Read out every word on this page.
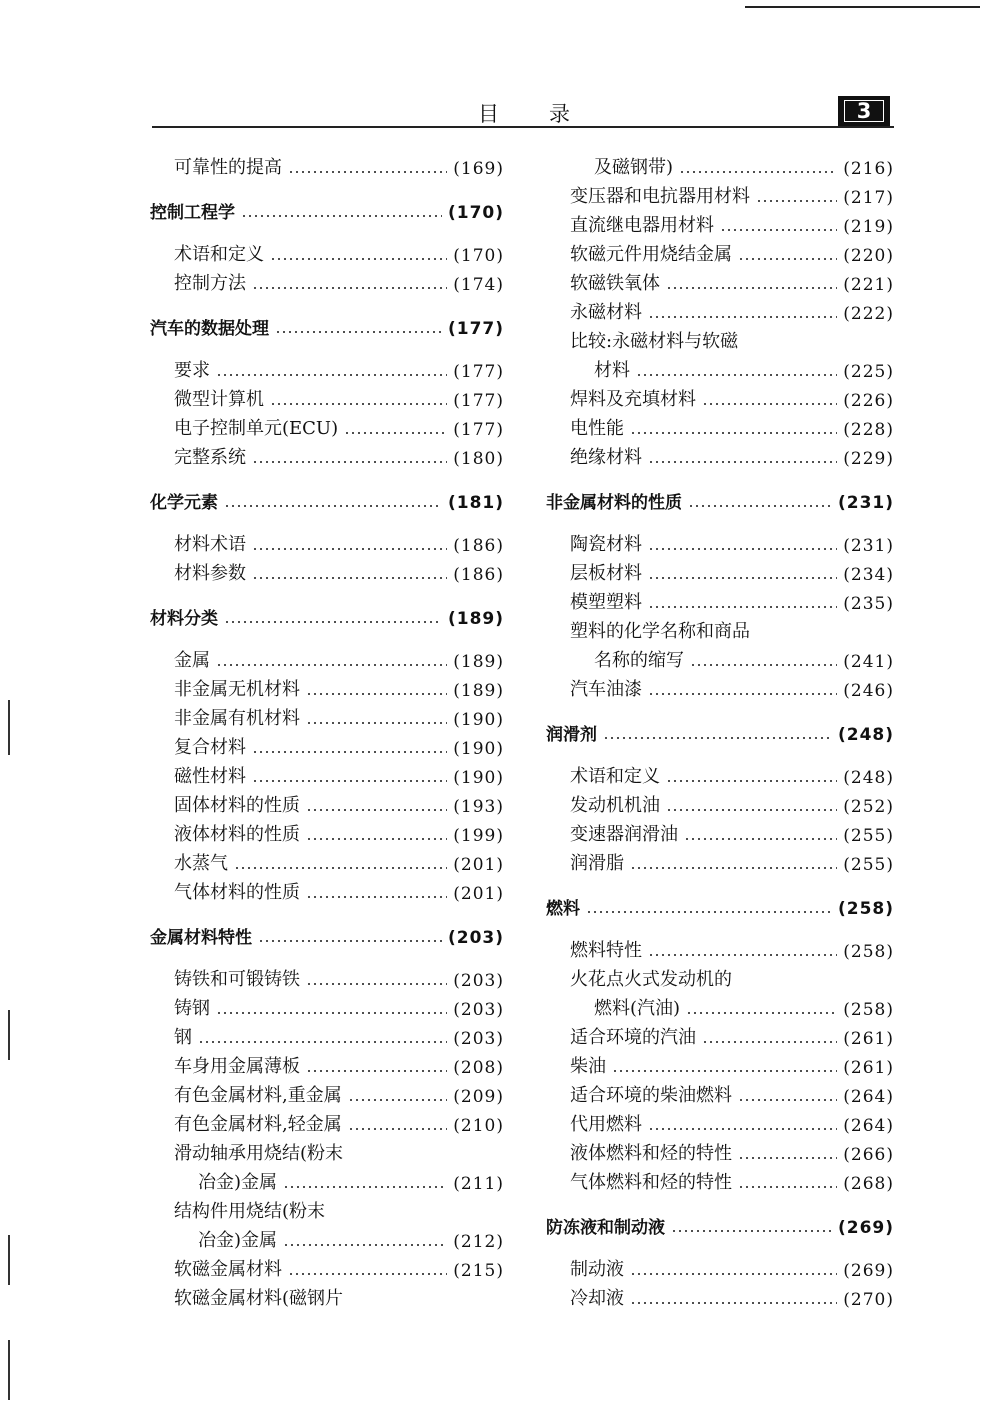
目录	3
可靠性的提高	(169)
控制工程学	(170)
术语和定义	(170)
控制方法	(174)
汽车的数据处理	(177)
要求	(177)
微型计算机	(177)
电子控制单元(ECU)	(177)
完整系统	(180)
化学元素	(181)
材料术语	(186)
材料参数	(186)
材料分类	(189)
金属	(189)
非金属无机材料	(189)
非金属有机材料	(190)
复合材料	(190)
磁性材料	(190)
固体材料的性质	(193)
液体材料的性质	(199)
水蒸气	(201)
气体材料的性质	(201)
金属材料特性	(203)
铸铁和可锻铸铁	(203)
铸钢	(203)
钢	(203)
车身用金属薄板	(208)
有色金属材料,重金属	(209)
有色金属材料,轻金属	(210)
滑动轴承用烧结(粉末
冶金)金属	(211)
结构件用烧结(粉末
冶金)金属	(212)
软磁金属材料	(215)
软磁金属材料(磁钢片
及磁钢带)	(216)
变压器和电抗器用材料	(217)
直流继电器用材料	(219)
软磁元件用烧结金属	(220)
软磁铁氧体	(221)
永磁材料	(222)
比较:永磁材料与软磁
材料	(225)
焊料及充填材料	(226)
电性能	(228)
绝缘材料	(229)
非金属材料的性质	(231)
陶瓷材料	(231)
层板材料	(234)
模塑塑料	(235)
塑料的化学名称和商品
名称的缩写	(241)
汽车油漆	(246)
润滑剂	(248)
术语和定义	(248)
发动机机油	(252)
变速器润滑油	(255)
润滑脂	(255)
燃料	(258)
燃料特性	(258)
火花点火式发动机的
燃料(汽油)	(258)
适合环境的汽油	(261)
柴油	(261)
适合环境的柴油燃料	(264)
代用燃料	(264)
液体燃料和烃的特性	(266)
气体燃料和烃的特性	(268)
防冻液和制动液	(269)
制动液	(269)
冷却液	(270)
